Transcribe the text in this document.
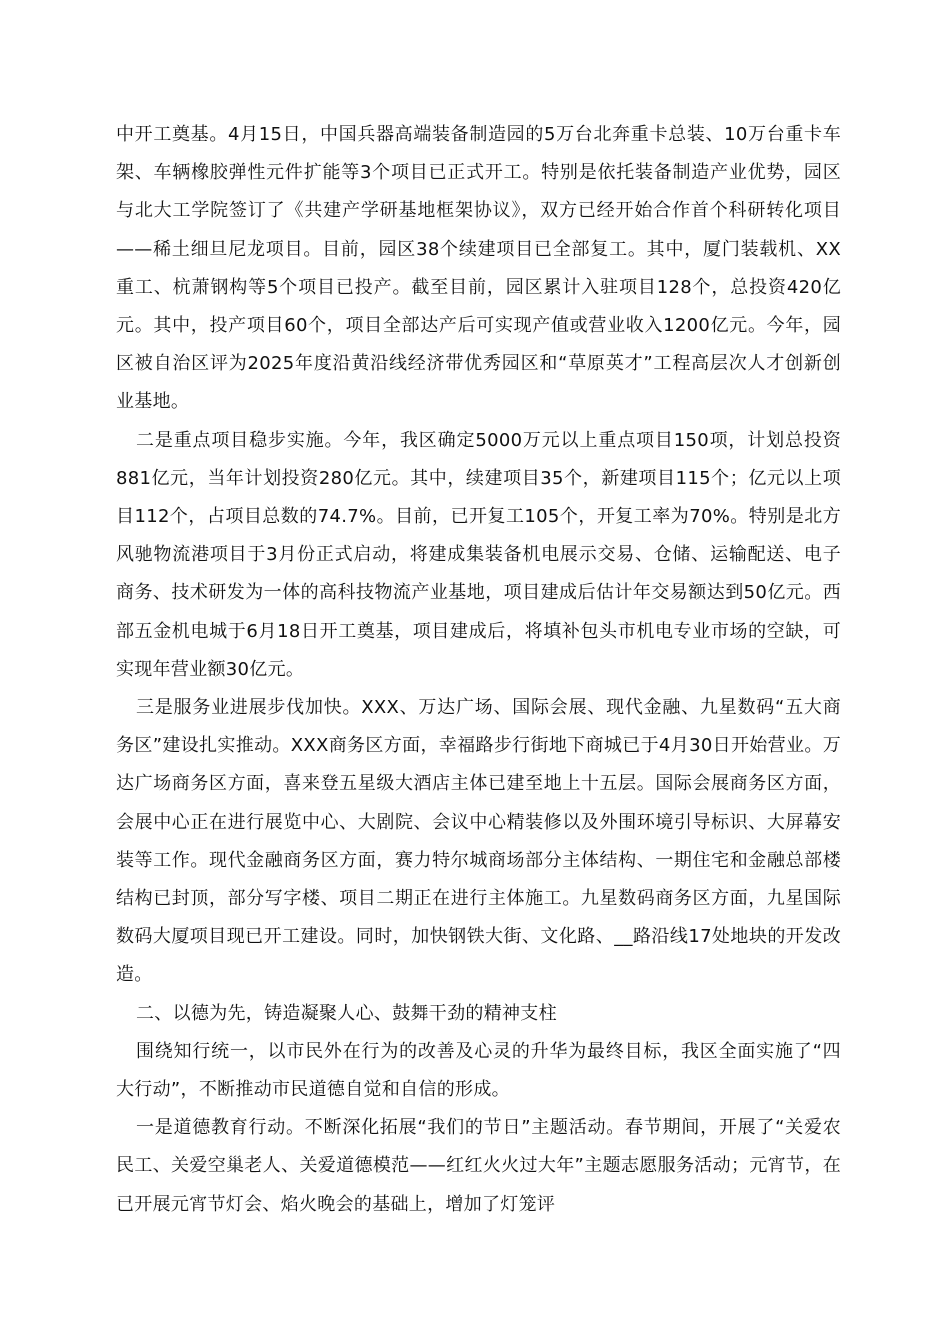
中开工奠基。4月15日，中国兵器高端装备制造园的5万台北奔重卡总装、10万台重卡车架、车辆橡胶弹性元件扩能等3个项目已正式开工。特别是依托装备制造产业优势，园区与北大工学院签订了《共建产学研基地框架协议》，双方已经开始合作首个科研转化项目——稀土细旦尼龙项目。目前，园区38个续建项目已全部复工。其中，厦门装载机、XX重工、杭萧钢构等5个项目已投产。截至目前，园区累计入驻项目128个，总投资420亿元。其中，投产项目60个，项目全部达产后可实现产值或营业收入1200亿元。今年，园区被自治区评为2025年度沿黄沿线经济带优秀园区和“草原英才”工程高层次人才创新创业基地。

二是重点项目稳步实施。今年，我区确定5000万元以上重点项目150项，计划总投资881亿元，当年计划投资280亿元。其中，续建项目35个，新建项目115个；亿元以上项目112个，占项目总数的74.7%。目前，已开复工105个，开复工率为70%。特别是北方风驰物流港项目于3月份正式启动，将建成集装备机电展示交易、仓储、运输配送、电子商务、技术研发为一体的高科技物流产业基地，项目建成后估计年交易额达到50亿元。西部五金机电城于6月18日开工奠基，项目建成后，将填补包头市机电专业市场的空缺，可实现年营业额30亿元。

三是服务业进展步伐加快。XXX、万达广场、国际会展、现代金融、九星数码“五大商务区”建设扎实推动。XXX商务区方面，幸福路步行街地下商城已于4月30日开始营业。万达广场商务区方面，喜来登五星级大酒店主体已建至地上十五层。国际会展商务区方面，会展中心正在进行展览中心、大剧院、会议中心精装修以及外围环境引导标识、大屏幕安装等工作。现代金融商务区方面，赛力特尔城商场部分主体结构、一期住宅和金融总部楼结构已封顶，部分写字楼、项目二期正在进行主体施工。九星数码商务区方面，九星国际数码大厦项目现已开工建设。同时，加快钢铁大街、文化路、__路沿线17处地块的开发改造。

二、以德为先，铸造凝聚人心、鼓舞干劲的精神支柱

围绕知行统一，以市民外在行为的改善及心灵的升华为最终目标，我区全面实施了“四大行动”，不断推动市民道德自觉和自信的形成。

一是道德教育行动。不断深化拓展“我们的节日”主题活动。春节期间，开展了“关爱农民工、关爱空巢老人、关爱道德模范——红红火火过大年”主题志愿服务活动；元宵节，在已开展元宵节灯会、焰火晚会的基础上，增加了灯笼评
